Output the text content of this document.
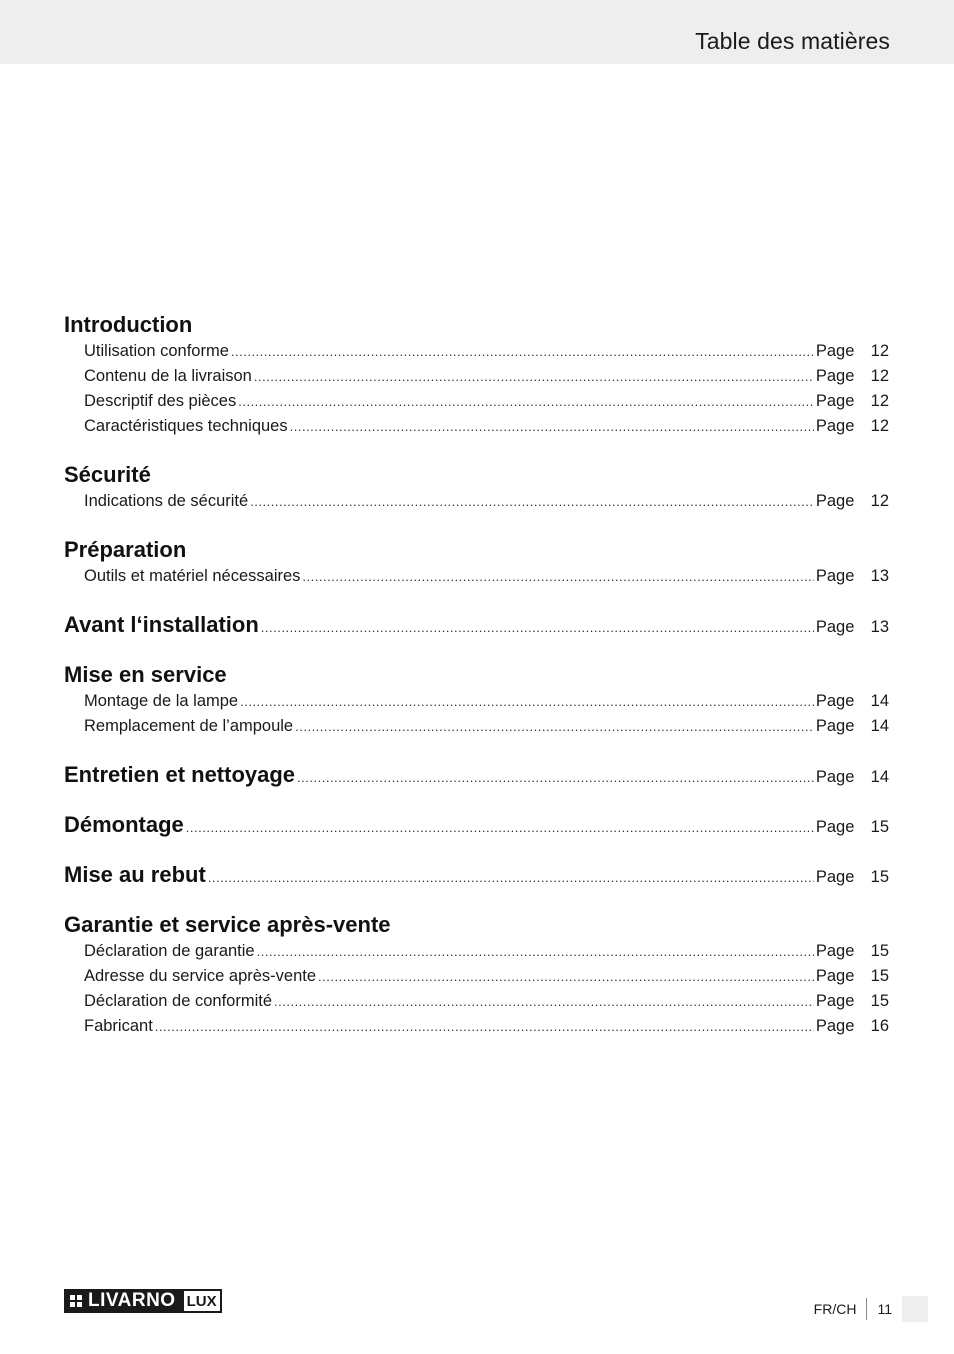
Table des matières
Introduction
Utilisation conforme .....	Page 12
Contenu de la livraison .....	Page 12
Descriptif des pièces .....	Page 12
Caractéristiques techniques .....	Page 12
Sécurité
Indications de sécurité .....	Page 12
Préparation
Outils et matériel nécessaires .....	Page 13
Avant l‘installation .....	Page 13
Mise en service
Montage de la lampe .....	Page 14
Remplacement de l’ampoule .....	Page 14
Entretien et nettoyage .....	Page 14
Démontage .....	Page 15
Mise au rebut .....	Page 15
Garantie et service après-vente
Déclaration de garantie .....	Page 15
Adresse du service après-vente .....	Page 15
Déclaration de conformité .....	Page 15
Fabricant .....	Page 16
LIVARNO LUX	FR/CH	11
